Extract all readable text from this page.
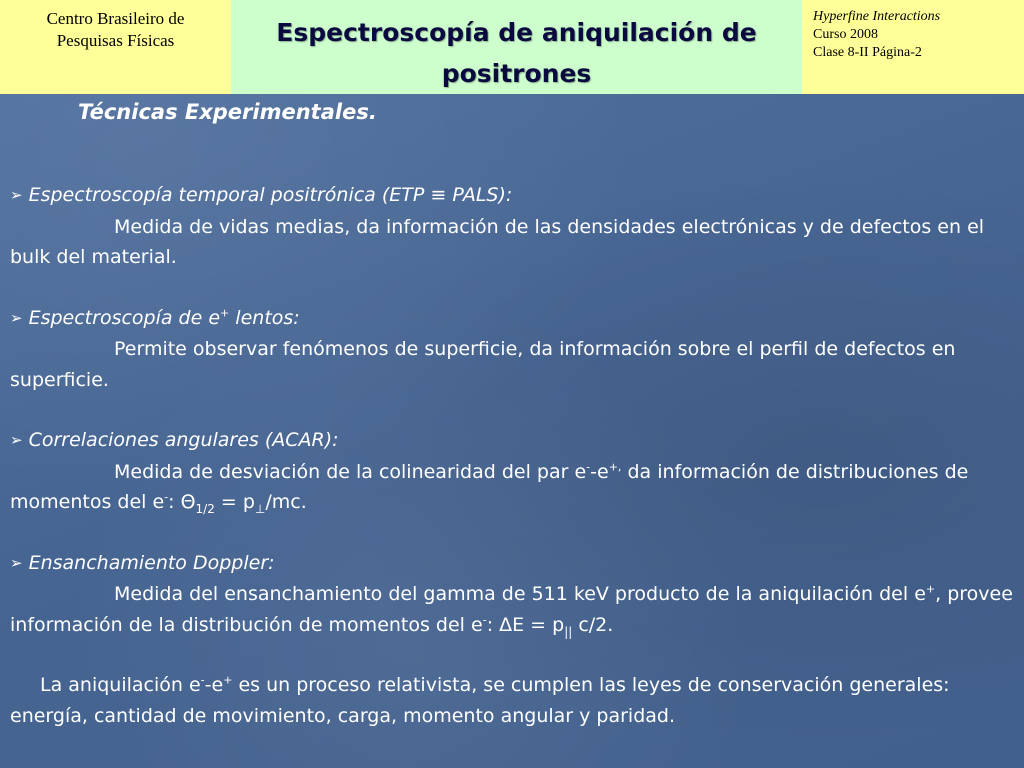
Centro Brasileiro de
Pesquisas Físicas	Espectroscopía de aniquilación de positrones
Hyperfine Interactions
Curso 2008
Clase 8-II Página-2
Técnicas Experimentales.
➢ Espectroscopía temporal positrónica (ETP ≡ PALS):
Medida de vidas medias, da información de las densidades electrónicas y de defectos en el bulk del material.
➢ Espectroscopía de e+ lentos:
Permite observar fenómenos de superficie, da información sobre el perfil de defectos en superficie.
➢ Correlaciones angulares (ACAR):
Medida de desviación de la colinearidad del par e--e+, da información de distribuciones de momentos del e-: $\Theta_{1/2} = p_\perp/mc$.
➢ Ensanchamiento Doppler:
Medida del ensanchamiento del gamma de 511 keV producto de la aniquilación del e+, provee información de la distribución de momentos del e-: $\Delta E = p_{||}$ c/2.
La aniquilación e--e+ es un proceso relativista, se cumplen las leyes de conservación generales: energía, cantidad de movimiento, carga, momento angular y paridad.
